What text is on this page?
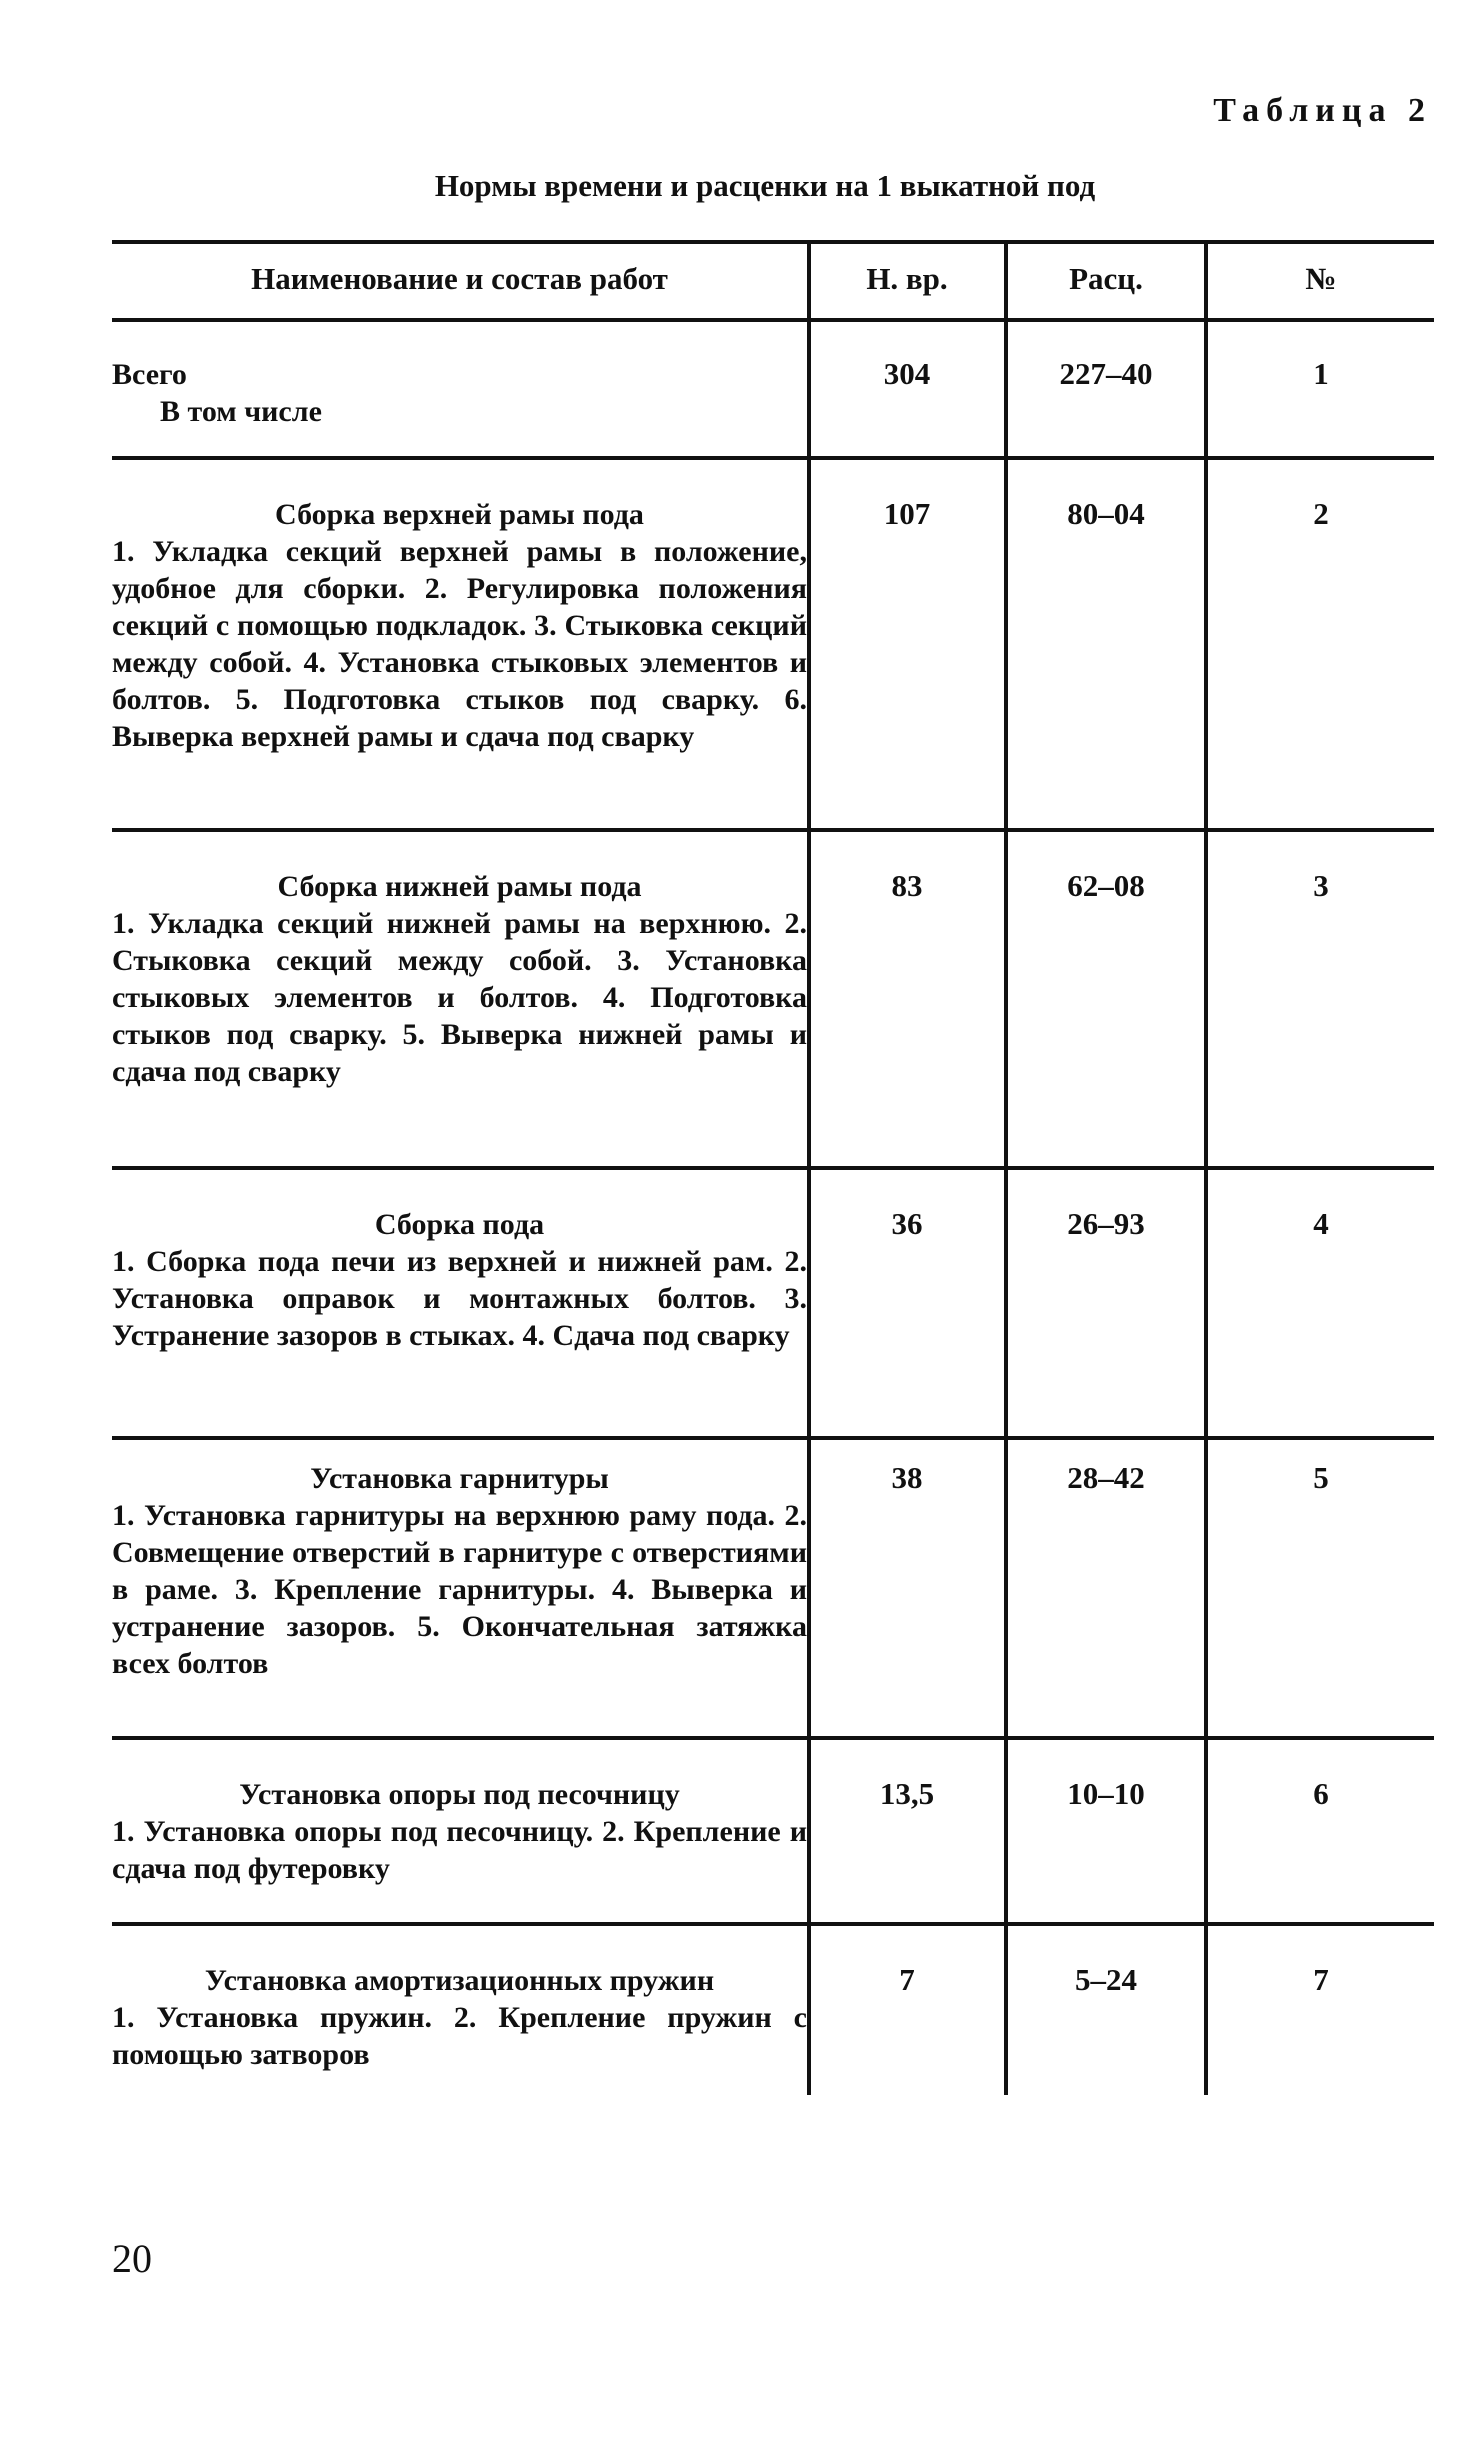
Таблица 2
Нормы времени и расценки на 1 выкатной под
Наименование и состав работ	Н. вр.	Расц.	№
Всего
В том числе
304	227–40	1
Сборка верхней рамы пода
1. Укладка секций верхней рамы в положение, удобное для сборки. 2. Регулировка положения секций с помощью подкладок. 3. Стыковка секций между собой. 4. Установка стыковых элементов и болтов. 5. Подготовка стыков под сварку. 6. Выверка верхней рамы и сдача под сварку
107	80–04	2
Сборка нижней рамы пода
1. Укладка секций нижней рамы на верхнюю. 2. Стыковка секций между собой. 3. Установка стыковых элементов и болтов. 4. Подготовка стыков под сварку. 5. Выверка нижней рамы и сдача под сварку
83	62–08	3
Сборка пода
1. Сборка пода печи из верхней и нижней рам. 2. Установка оправок и монтажных болтов. 3. Устранение зазоров в стыках. 4. Сдача под сварку
36	26–93	4
Установка гарнитуры
1. Установка гарнитуры на верхнюю раму пода. 2. Совмещение отверстий в гарнитуре с отверстиями в раме. 3. Крепление гарнитуры. 4. Выверка и устранение зазоров. 5. Окончательная затяжка всех болтов
38	28–42	5
Установка опоры под песочницу
1. Установка опоры под песочницу. 2. Крепление и сдача под футеровку
13,5	10–10	6
Установка амортизационных пружин
1. Установка пружин. 2. Крепление пружин с помощью затворов
7	5–24	7
20
